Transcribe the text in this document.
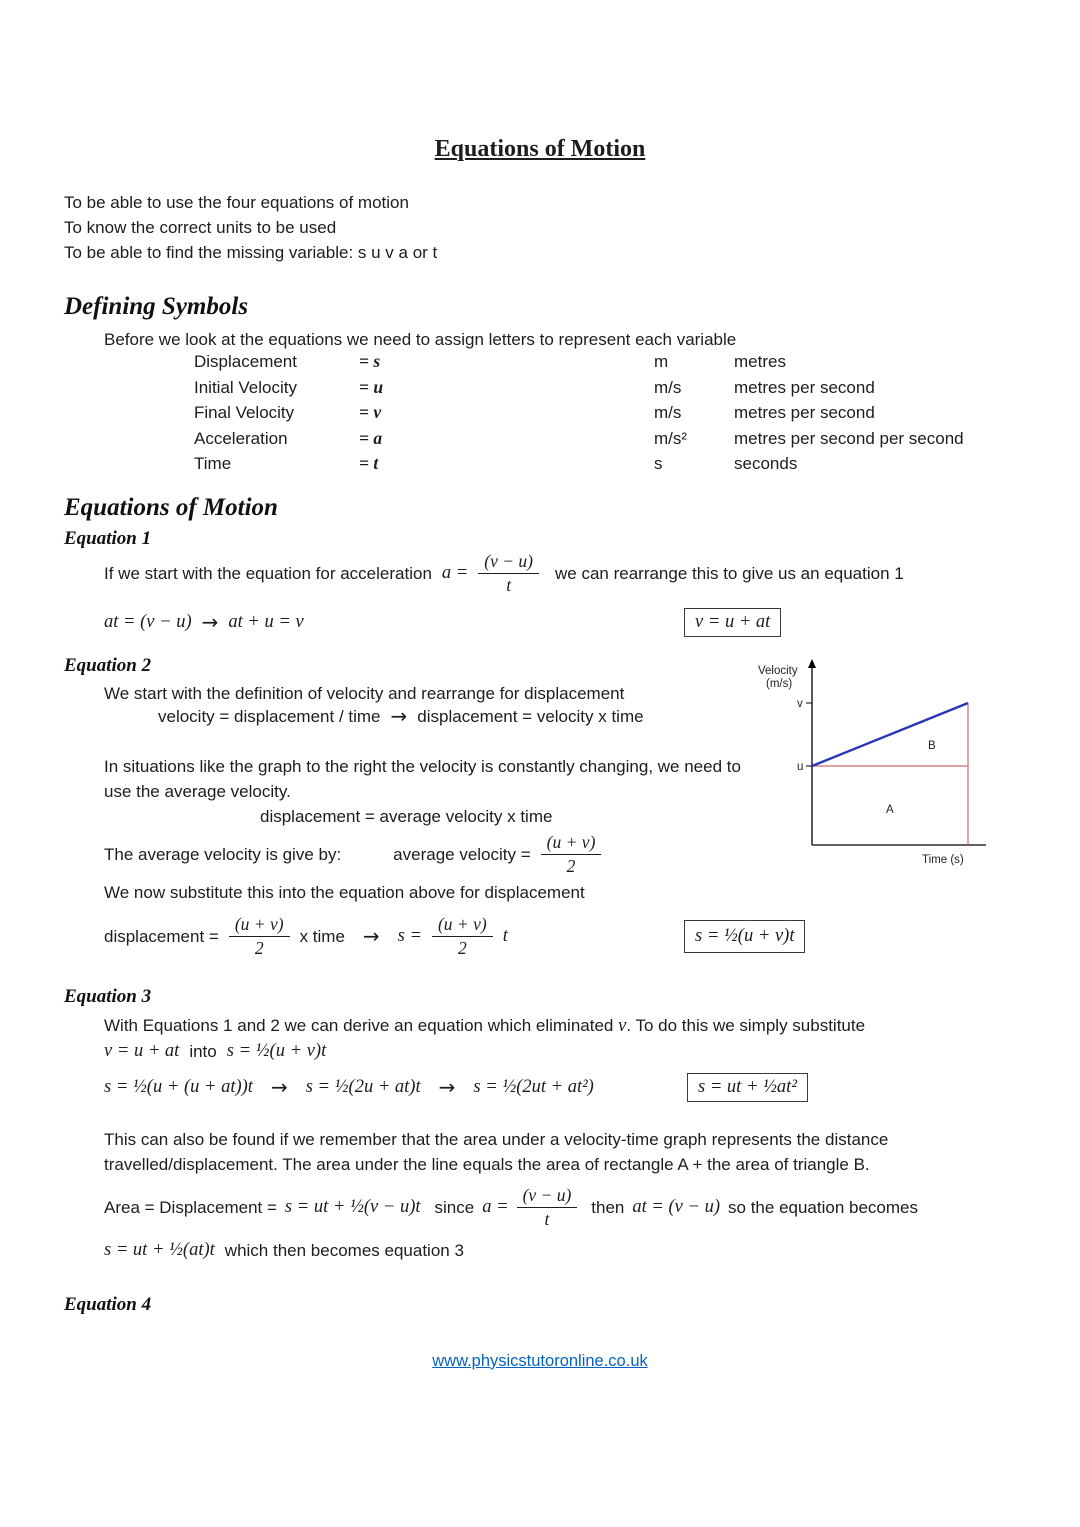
Equations of Motion
To be able to use the four equations of motion
To know the correct units to be used
To be able to find the missing variable: s u v a or t
Defining Symbols
Before we look at the equations we need to assign letters to represent each variable
Displacement	= s	m	metres
Initial Velocity	= u	m/s	metres per second
Final Velocity	= v	m/s	metres per second
Acceleration	= a	m/s²	metres per second per second
Time	= t	s	seconds
Equations of Motion
Equation 1
If we start with the equation for acceleration $a = \frac{(v - u)}{t}$ we can rearrange this to give us an equation 1
at = (v − u) → at + u = v	v = u + at
Equation 2
We start with the definition of velocity and rearrange for displacement
velocity = displacement / time → displacement = velocity x time
In situations like the graph to the right the velocity is constantly changing, we need to use the average velocity.
displacement = average velocity x time
The average velocity is give by:	average velocity = $\frac{(u + v)}{2}$
We now substitute this into the equation above for displacement
displacement = $\frac{(u + v)}{2}$ x time → $s = \frac{(u + v)}{2}$ t	s = ½(u + v)t
Velocity
(m/s)
v
u
B
A
Time (s)
Equation 3
With Equations 1 and 2 we can derive an equation which eliminated v. To do this we simply substitute
v = u + at into s = ½(u + v)t
s = ½(u + (u + at))t → s = ½(2u + at)t → s = ½(2ut + at²)	s = ut + ½at²
This can also be found if we remember that the area under a velocity-time graph represents the distance travelled/displacement. The area under the line equals the area of rectangle A + the area of triangle B.
Area = Displacement = s = ut + ½(v − u)t since $a = \frac{(v - u)}{t}$ then at = (v − u) so the equation becomes
s = ut + ½(at)t which then becomes equation 3
Equation 4
www.physicstutoronline.co.uk
